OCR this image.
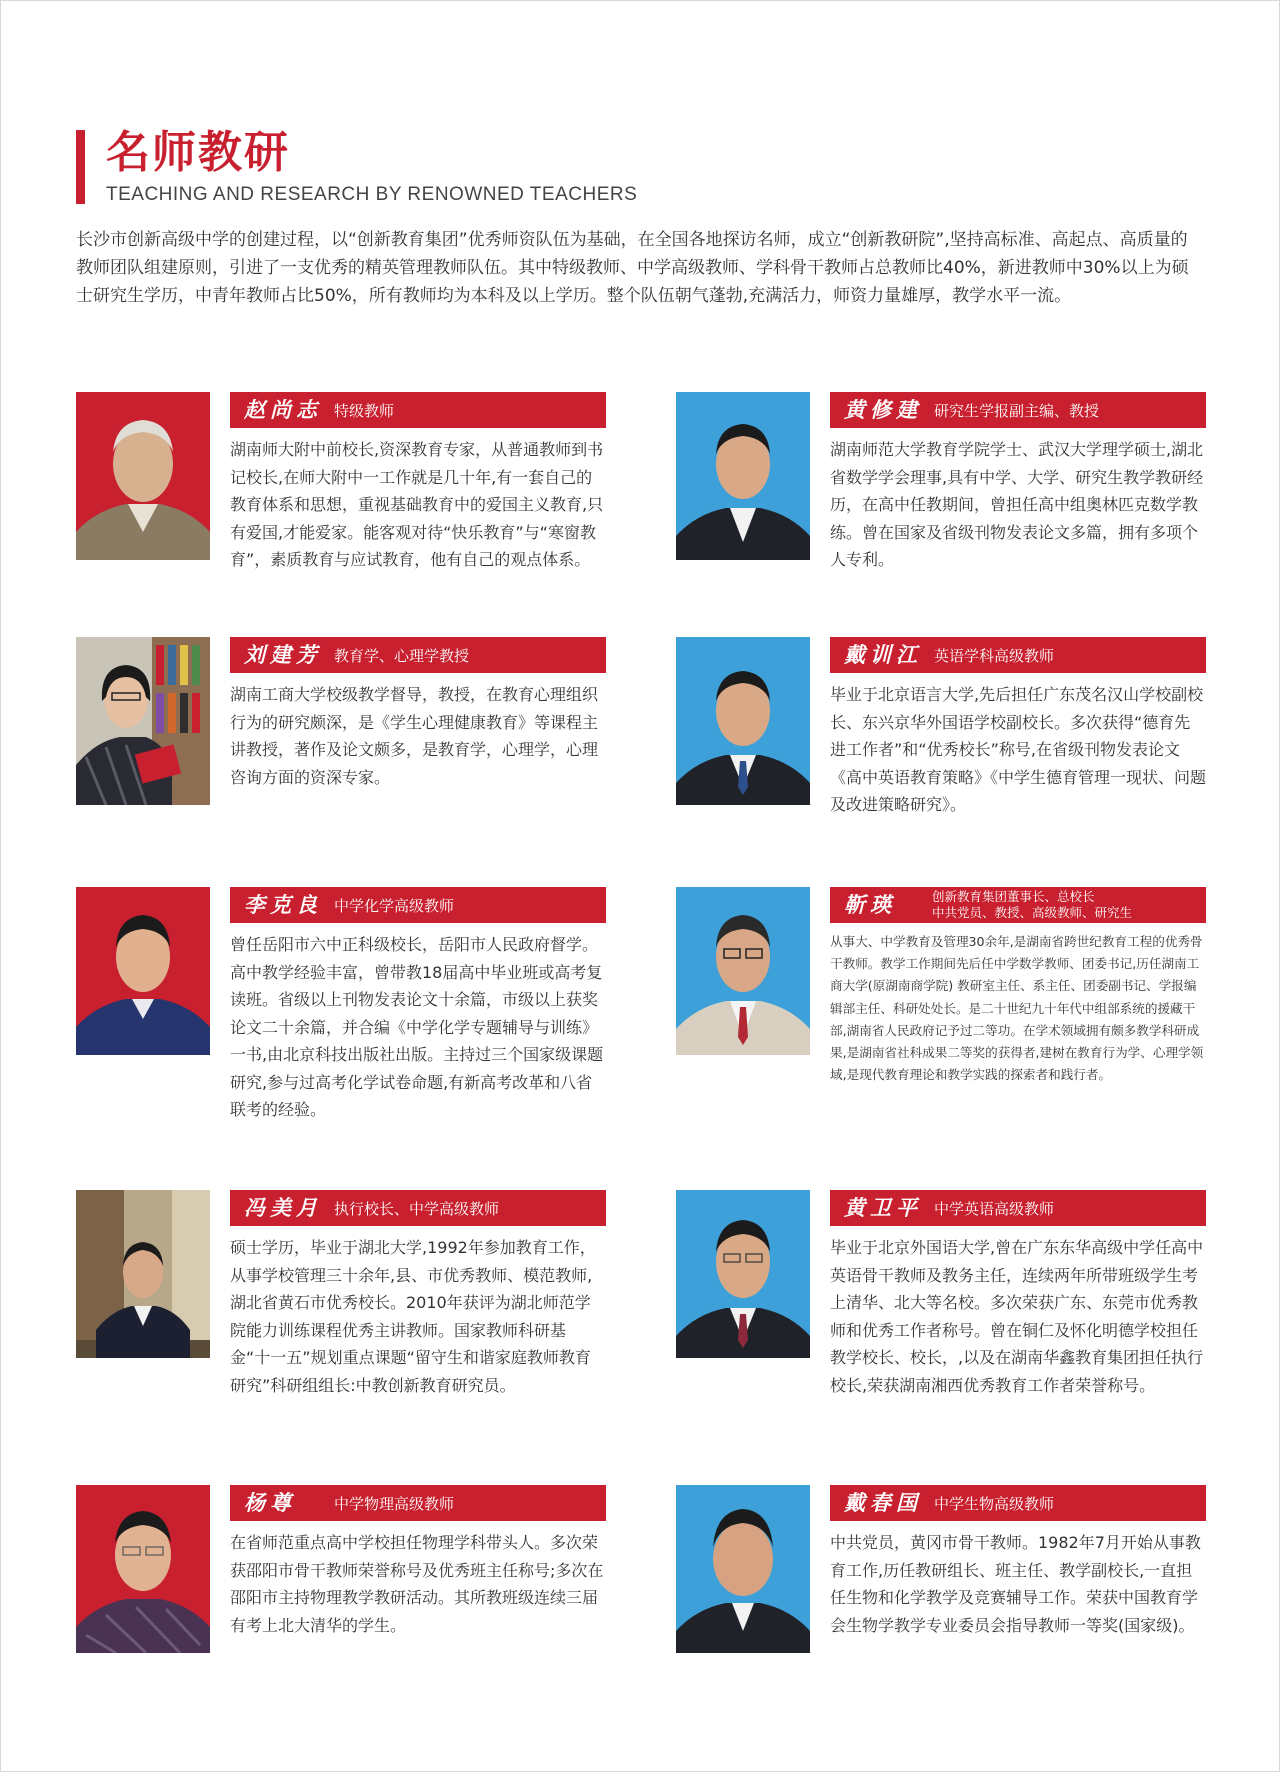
名师教研
TEACHING AND RESEARCH BY RENOWNED TEACHERS
长沙市创新高级中学的创建过程，以“创新教育集团”优秀师资队伍为基础，在全国各地探访名师，成立“创新教研院”,坚持高标准、高起点、高质量的教师团队组建原则，引进了一支优秀的精英管理教师队伍。其中特级教师、中学高级教师、学科骨干教师占总教师比40%，新进教师中30%以上为硕士研究生学历，中青年教师占比50%，所有教师均为本科及以上学历。整个队伍朝气蓬勃,充满活力，师资力量雄厚，教学水平一流。
赵尚志 特级教师
湖南师大附中前校长,资深教育专家，从普通教师到书记校长,在师大附中一工作就是几十年,有一套自己的教育体系和思想，重视基础教育中的爱国主义教育,只有爱国,才能爱家。能客观对待“快乐教育”与“寒窗教育”，素质教育与应试教育，他有自己的观点体系。
黄修建 研究生学报副主编、教授
湖南师范大学教育学院学士、武汉大学理学硕士,湖北省数学学会理事,具有中学、大学、研究生教学教研经历，在高中任教期间，曾担任高中组奥林匹克数学教练。曾在国家及省级刊物发表论文多篇，拥有多项个人专利。
刘建芳 教育学、心理学教授
湖南工商大学校级教学督导，教授，在教育心理组织行为的研究颇深，是《学生心理健康教育》等课程主讲教授，著作及论文颇多，是教育学，心理学，心理咨询方面的资深专家。
戴训江 英语学科高级教师
毕业于北京语言大学,先后担任广东茂名汉山学校副校长、东兴京华外国语学校副校长。多次获得“德育先进工作者”和“优秀校长”称号,在省级刊物发表论文《高中英语教育策略》《中学生德育管理一现状、问题及改进策略研究》。
李克良 中学化学高级教师
曾任岳阳市六中正科级校长，岳阳市人民政府督学。高中教学经验丰富，曾带教18届高中毕业班或高考复读班。省级以上刊物发表论文十余篇，市级以上获奖论文二十余篇，并合编《中学化学专题辅导与训练》一书,由北京科技出版社出版。主持过三个国家级课题研究,参与过高考化学试卷命题,有新高考改革和八省联考的经验。
靳瑛	创新教育集团董事长、总校长
中共党员、教授、高级教师、研究生
从事大、中学教育及管理30余年,是湖南省跨世纪教育工程的优秀骨干教师。教学工作期间先后任中学数学教师、团委书记,历任湖南工商大学(原湖南商学院) 教研室主任、系主任、团委副书记、学报编辑部主任、科研处处长。是二十世纪九十年代中组部系统的援藏干部,湖南省人民政府记予过二等功。在学术领域拥有颇多教学科研成果,是湖南省社科成果二等奖的获得者,建树在教育行为学、心理学领域,是现代教育理论和教学实践的探索者和践行者。
冯美月 执行校长、中学高级教师
硕士学历，毕业于湖北大学,1992年参加教育工作，从事学校管理三十余年,县、市优秀教师、模范教师,湖北省黄石市优秀校长。2010年获评为湖北师范学院能力训练课程优秀主讲教师。国家教师科研基金“十一五”规划重点课题“留守生和谐家庭教师教育研究”科研组组长:中教创新教育研究员。
黄卫平 中学英语高级教师
毕业于北京外国语大学,曾在广东东华高级中学任高中英语骨干教师及教务主任，连续两年所带班级学生考上清华、北大等名校。多次荣获广东、东莞市优秀教师和优秀工作者称号。曾在铜仁及怀化明德学校担任教学校长、校长，,以及在湖南华鑫教育集团担任执行校长,荣获湖南湘西优秀教育工作者荣誉称号。
杨尊	中学物理高级教师
在省师范重点高中学校担任物理学科带头人。多次荣获邵阳市骨干教师荣誉称号及优秀班主任称号;多次在邵阳市主持物理教学教研活动。其所教班级连续三届有考上北大清华的学生。
戴春国 中学生物高级教师
中共党员，黄冈市骨干教师。1982年7月开始从事教育工作,历任教研组长、班主任、教学副校长,一直担任生物和化学教学及竞赛辅导工作。荣获中国教育学会生物学教学专业委员会指导教师一等奖(国家级)。
